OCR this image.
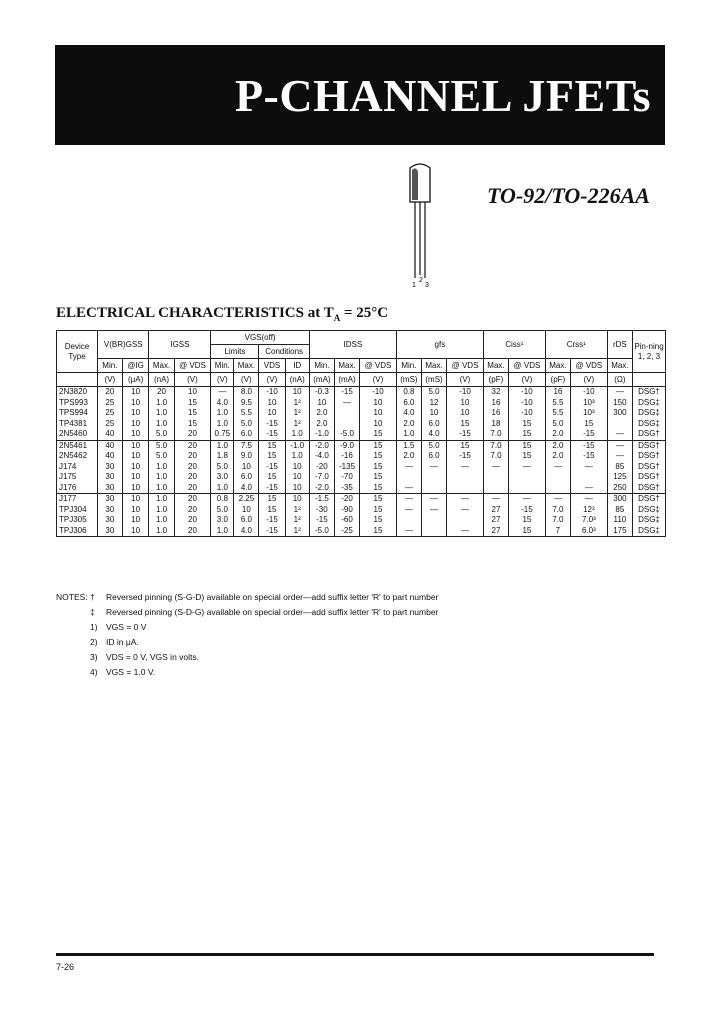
P-CHANNEL JFETs
1
2
3
TO-92/TO-226AA
ELECTRICAL CHARACTERISTICS at $T_A = 25^\circ C$
Device Type	V(BR)GSS		IGSS		VGS(off)				IDSS			gfs			Ciss¹		Crss¹		rDS	Pin-ning 1, 2, 3
					Limits		Conditions													
	Min.	@IG	Max.	@ VDS	Min.	Max.	VDS	ID	Min.	Max.	@ VDS	Min.	Max.	@ VDS	Max.	@ VDS	Max.	@ VDS	Max.	
	(V)	(μA)	(nA)	(V)	(V)	(V)	(V)	(nA)	(mA)	(mA)	(V)	(mS)	(mS)	(V)	(pF)	(V)	(pF)	(V)	(Ω)	
2N3820	20	10	20	10	—	8.0	-10	10	-0.3	-15	-10	0.8	5.0	-10	32	-10	16	-10	—	DSG†
TPS993	25	10	1.0	15	4.0	9.5	10	1²	10	—	10	6.0	12	10	16	-10	5.5	10³	150	DSG‡
TPS994	25	10	1.0	15	1.0	5.5	10	1²	2.0		10	4.0	10	10	16	-10	5.5	10³	300	DSG‡
TP4381	25	10	1.0	15	1.0	5.0	-15	1²	2.0		10	2.0	6.0	15	18	15	5.0	15		DSG‡
2N5460	40	10	5.0	20	0.75	6.0	-15	1.0	-1.0	-5.0	15	1.0	4.0	-15	7.0	15	2.0	-15	—	DSG†
2N5461	40	10	5.0	20	1.0	7.5	15	-1.0	-2.0	-9.0	15	1.5	5.0	15	7.0	15	2.0	-15	—	DSG†
2N5462	40	10	5.0	20	1.8	9.0	15	1.0	-4.0	-16	15	2.0	6.0	-15	7.0	15	2.0	-15	—	DSG†
J174	30	10	1.0	20	5.0	10	-15	10	-20	-135	15	—	—	—	—	—	—	—	85	DSG†
J175	30	10	1.0	20	3.0	6.0	15	10	-7.0	-70	15								125	DSG†
J176	30	10	1.0	20	1.0	4.0	-15	10	-2.0	-35	15	—						—	250	DSG†
J177	30	10	1.0	20	0.8	2.25	15	10	-1.5	-20	15	—	—	—	—	—	—	—	300	DSG†
TPJ304	30	10	1.0	20	5.0	10	15	1²	-30	-90	15	—	—	—	27	-15	7.0	12³	85	DSG‡
TPJ305	30	10	1.0	20	3.0	6.0	-15	1²	-15	-60	15				27	15	7.0	7.0³	110	DSG‡
TPJ306	30	10	1.0	20	1.0	4.0	-15	1²	-5.0	-25	15	—		—	27	15	7	6.0³	175	DSG‡
NOTES: †	Reversed pinning (S-G-D) available on special order—add suffix letter 'R' to part number
‡	Reversed pinning (S-D-G) available on special order—add suffix letter 'R' to part number
1) VGS = 0 V
2) ID in μA.
3) VDS = 0 V, VGS in volts.
4) VGS = 1.0 V.
7-26
